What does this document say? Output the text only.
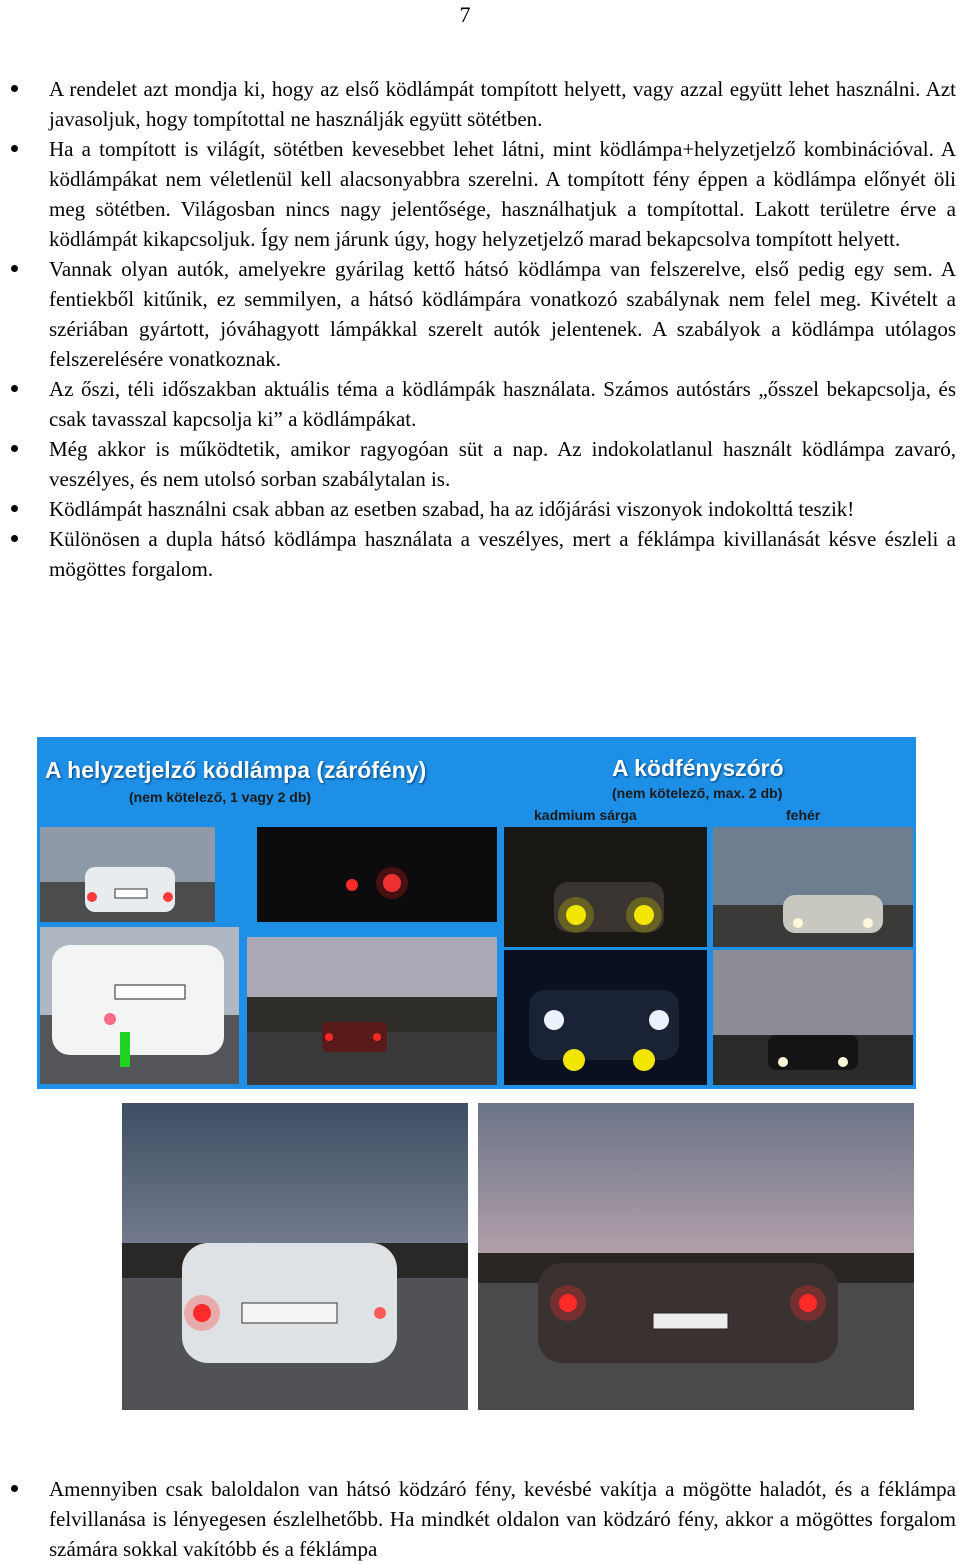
7
A rendelet azt mondja ki, hogy az első ködlámpát tompított helyett, vagy azzal együtt lehet használni. Azt javasoljuk, hogy tompítottal ne használják együtt sötétben.
Ha a tompított is világít, sötétben kevesebbet lehet látni, mint ködlámpa+helyzetjelző kombinációval. A ködlámpákat nem véletlenül kell alacsonyabbra szerelni. A tompított fény éppen a ködlámpa előnyét öli meg sötétben. Világosban nincs nagy jelentősége, használhatjuk a tompítottal. Lakott területre érve a ködlámpát kikapcsoljuk. Így nem járunk úgy, hogy helyzetjelző marad bekapcsolva tompított helyett.
Vannak olyan autók, amelyekre gyárilag kettő hátsó ködlámpa van felszerelve, első pedig egy sem. A fentiekből kitűnik, ez semmilyen, a hátsó ködlámpára vonatkozó szabálynak nem felel meg. Kivételt a szériában gyártott, jóváhagyott lámpákkal szerelt autók jelentenek. A szabályok a ködlámpa utólagos felszerelésére vonatkoznak.
Az őszi, téli időszakban aktuális téma a ködlámpák használata. Számos autóstárs „ősszel bekapcsolja, és csak tavasszal kapcsolja ki” a ködlámpákat.
Még akkor is működtetik, amikor ragyogóan süt a nap. Az indokolatlanul használt ködlámpa zavaró, veszélyes, és nem utolsó sorban szabálytalan is.
Ködlámpát használni csak abban az esetben szabad, ha az időjárási viszonyok indokolttá teszik!
Különösen a dupla hátsó ködlámpa használata a veszélyes, mert a féklámpa kivillanását késve észleli a mögöttes forgalom.
A helyzetjelző ködlámpa (zárófény)
(nem kötelező, 1 vagy 2 db)
A ködfényszóró
(nem kötelező, max. 2 db)
kadmium sárga	fehér
Amennyiben csak baloldalon van hátsó ködzáró fény, kevésbé vakítja a mögötte haladót, és a féklámpa felvillanása is lényegesen észlelhetőbb. Ha mindkét oldalon van ködzáró fény, akkor a mögöttes forgalom számára sokkal vakítóbb és a féklámpa
